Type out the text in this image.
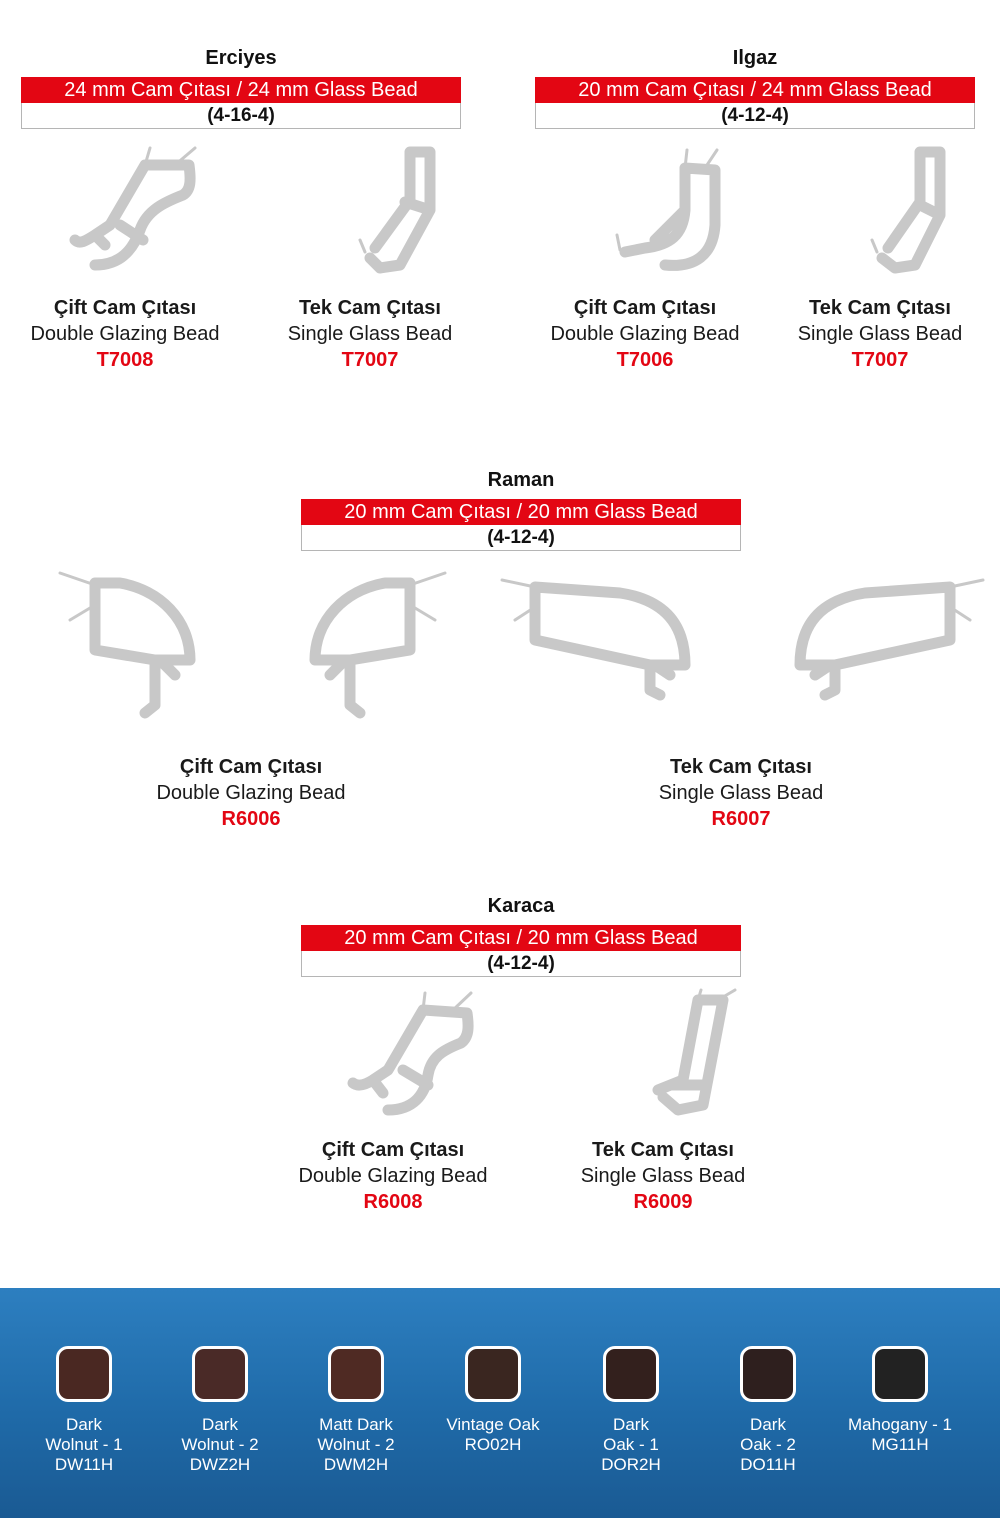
Erciyes
24 mm Cam Çıtası / 24 mm Glass Bead
(4-16-4)
Çift Cam Çıtası
Double Glazing Bead
T7008
Tek Cam Çıtası
Single Glass Bead
T7007
Ilgaz
20 mm Cam Çıtası / 24 mm Glass Bead
(4-12-4)
Çift Cam Çıtası
Double Glazing Bead
T7006
Tek Cam Çıtası
Single Glass Bead
T7007
Raman
20 mm Cam Çıtası / 20 mm Glass Bead
(4-12-4)
Çift Cam Çıtası
Double Glazing Bead
R6006
Tek Cam Çıtası
Single Glass Bead
R6007
Karaca
20 mm Cam Çıtası / 20 mm Glass Bead
(4-12-4)
Çift Cam Çıtası
Double Glazing Bead
R6008
Tek Cam Çıtası
Single Glass Bead
R6009
Dark
Wolnut - 1
DW11H
Dark
Wolnut - 2
DWZ2H
Matt Dark
Wolnut - 2
DWM2H
Vintage Oak
RO02H
Dark
Oak - 1
DOR2H
Dark
Oak - 2
DO11H
Mahogany - 1
MG11H
